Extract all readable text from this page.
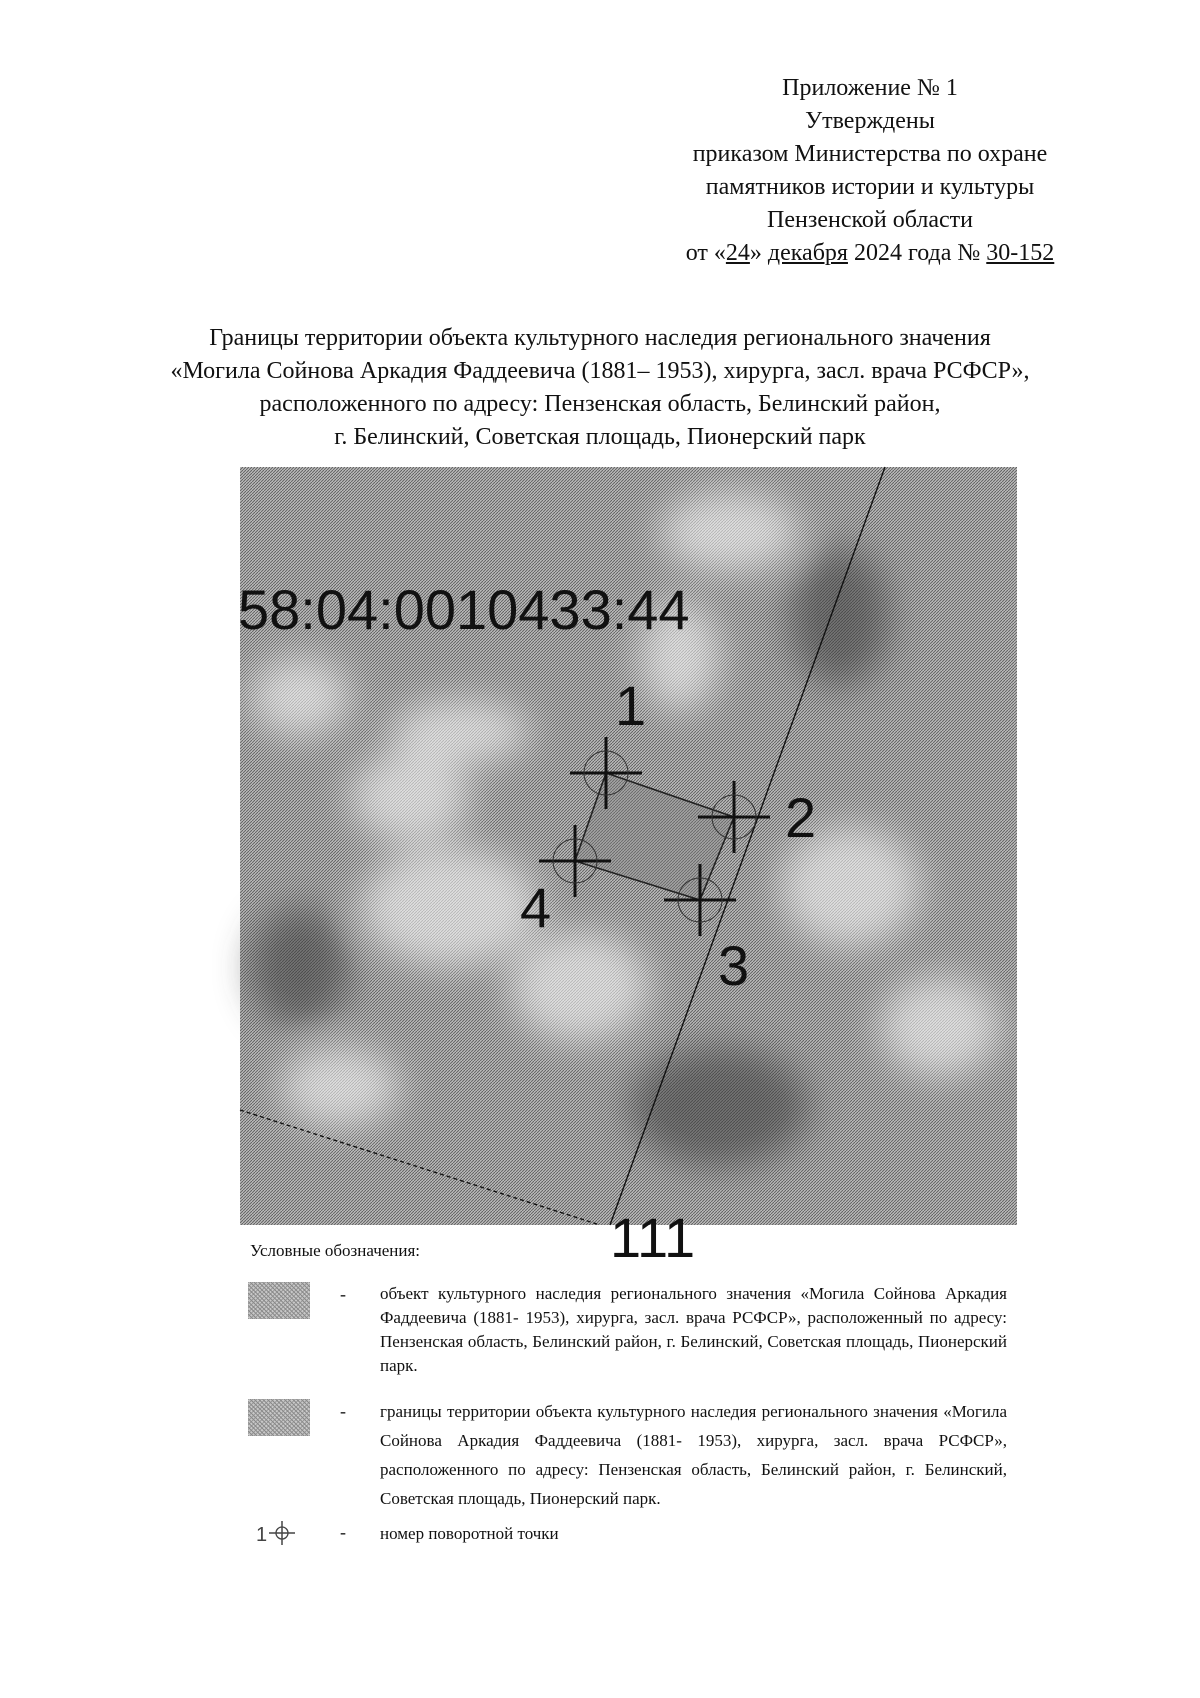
Приложение № 1
Утверждены
приказом Министерства по охране
памятников истории и культуры
Пензенской области
от «24» декабря 2024 года № 30-152
Границы территории объекта культурного наследия регионального значения
«Могила Сойнова Аркадия Фаддеевича (1881– 1953), хирурга, засл. врача РСФСР»,
расположенного по адресу: Пензенская область, Белинский район,
г. Белинский, Советская площадь, Пионерский парк
58:04:0010433:44
1
2
3
4
111
Условные обозначения:
- объект культурного наследия регионального значения «Могила Сойнова Аркадия Фаддеевича (1881- 1953), хирурга, засл. врача РСФСР», расположенный по адресу: Пензенская область, Белинский район, г. Белинский, Советская площадь, Пионерский парк.
- границы территории объекта культурного наследия регионального значения «Могила Сойнова Аркадия Фаддеевича (1881- 1953), хирурга, засл. врача РСФСР», расположенного по адресу: Пензенская область, Белинский район, г. Белинский, Советская площадь, Пионерский парк.
1	- номер поворотной точки
